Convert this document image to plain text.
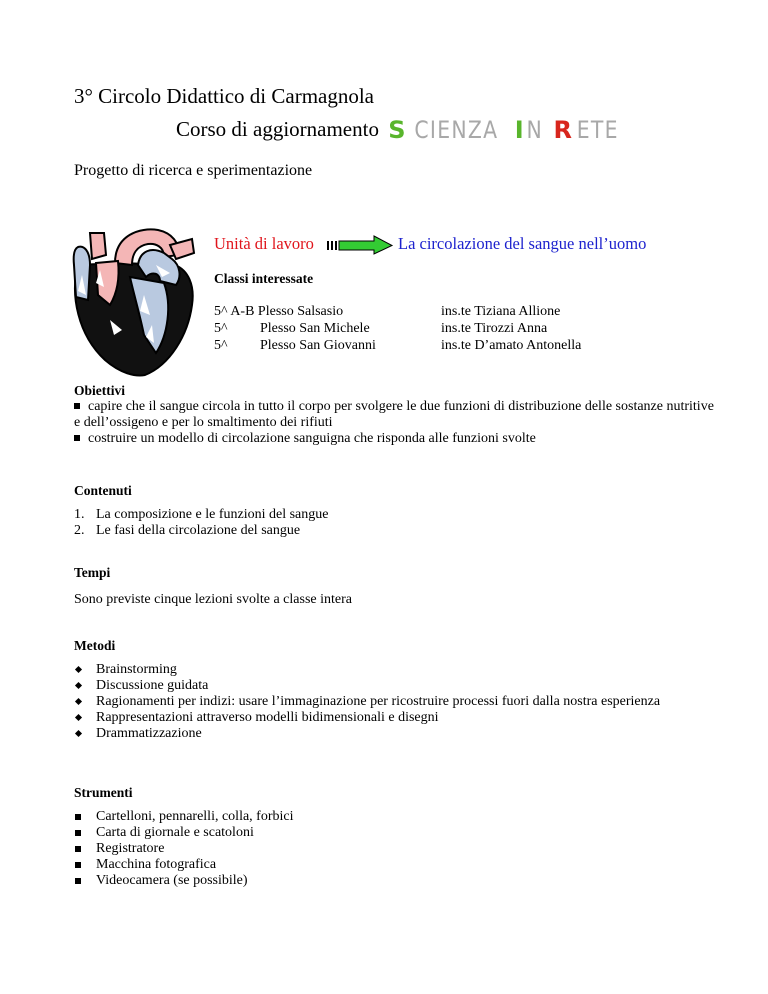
3° Circolo Didattico di Carmagnola
Corso di aggiornamento S CIENZA IN R ETE
Progetto di ricerca e sperimentazione
Unità di lavoro	La circolazione del sangue nell’uomo
Classi interessate
5^ A-B Plesso Salsasio
5^ Plesso San Michele
5^ Plesso San Giovanni
ins.te Tiziana Allione
ins.te Tirozzi Anna
ins.te D’amato Antonella
Obiettivi
capire che il sangue circola in tutto il corpo per svolgere le due funzioni di distribuzione delle sostanze nutritive e dell’ossigeno e per lo smaltimento dei rifiuti
costruire un modello di circolazione sanguigna che risponda alle funzioni svolte
Contenuti
1. La composizione e le funzioni del sangue
2. Le fasi della circolazione del sangue
Tempi
Sono previste cinque lezioni svolte a classe intera
Metodi
Brainstorming
Discussione guidata
Ragionamenti per indizi: usare l’immaginazione per ricostruire processi fuori dalla nostra esperienza
Rappresentazioni attraverso modelli bidimensionali e disegni
Drammatizzazione
Strumenti
Cartelloni, pennarelli, colla, forbici
Carta di giornale e scatoloni
Registratore
Macchina fotografica
Videocamera (se possibile)
